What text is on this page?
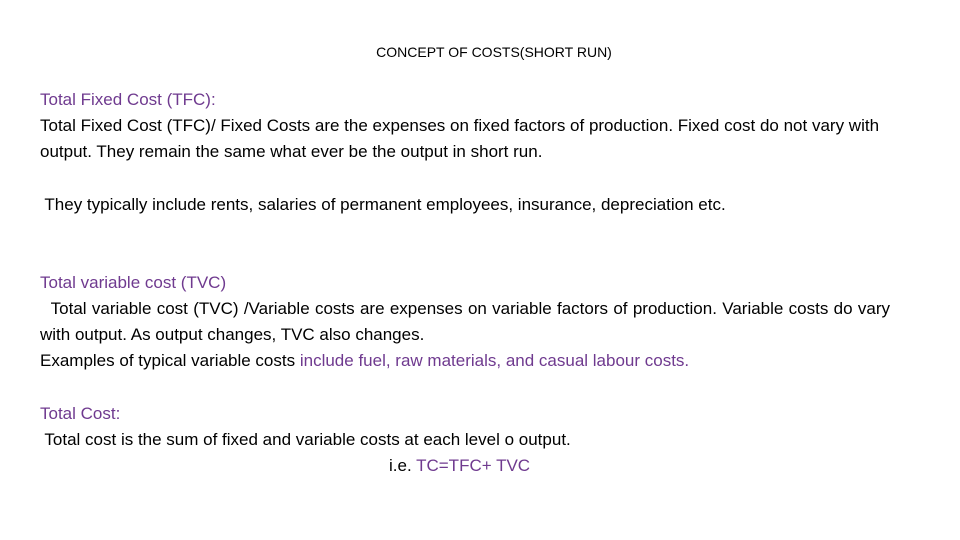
CONCEPT OF COSTS(SHORT RUN)

Total Fixed Cost (TFC):

Total Fixed Cost (TFC)/ Fixed Costs are the expenses on fixed factors of production. Fixed cost do not vary with output. They remain the same what ever be the output in short run.

They typically include rents, salaries of permanent employees, insurance, depreciation etc.

Total variable cost (TVC)

Total variable cost (TVC) /Variable costs are expenses on variable factors of production. Variable costs do vary with output. As output changes, TVC also changes.

Examples of typical variable costs include fuel, raw materials, and casual labour costs.

Total Cost:

Total cost is the sum of fixed and variable costs at each level o output.

i.e. TC=TFC+ TVC
